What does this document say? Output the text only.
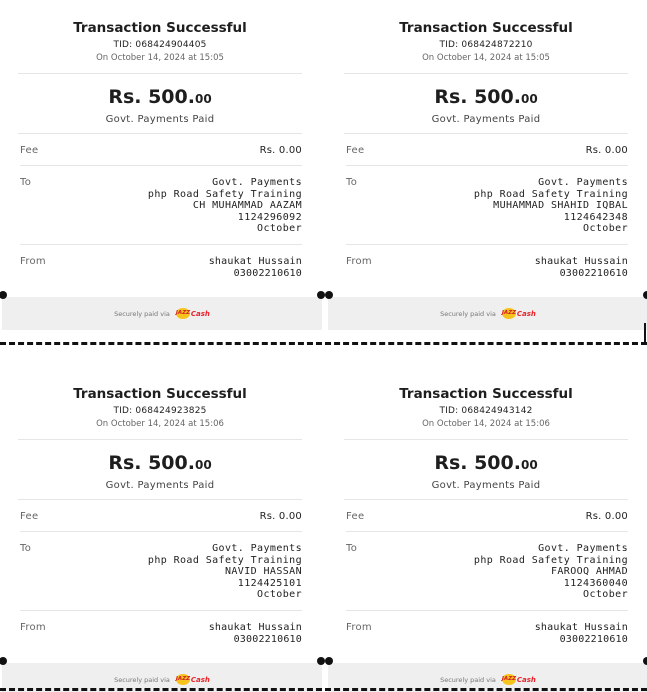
Transaction Successful
TID: 068424904405
On October 14, 2024 at 15:05
Rs. 500.00
Govt. Payments Paid
Fee	Rs. 0.00
To	Govt. Payments
php Road Safety Training
CH MUHAMMAD AAZAM
1124296092
October
From	shaukat Hussain
03002210610
Securely paid via JAZZ Cash
Transaction Successful
TID: 068424872210
On October 14, 2024 at 15:05
Rs. 500.00
Govt. Payments Paid
Fee	Rs. 0.00
To	Govt. Payments
php Road Safety Training
MUHAMMAD SHAHID IQBAL
1124642348
October
From	shaukat Hussain
03002210610
Securely paid via JAZZ Cash
Transaction Successful
TID: 068424923825
On October 14, 2024 at 15:06
Rs. 500.00
Govt. Payments Paid
Fee	Rs. 0.00
To	Govt. Payments
php Road Safety Training
NAVID HASSAN
1124425101
October
From	shaukat Hussain
03002210610
Securely paid via JAZZ Cash
Transaction Successful
TID: 068424943142
On October 14, 2024 at 15:06
Rs. 500.00
Govt. Payments Paid
Fee	Rs. 0.00
To	Govt. Payments
php Road Safety Training
FAROOQ AHMAD
1124360040
October
From	shaukat Hussain
03002210610
Securely paid via JAZZ Cash
